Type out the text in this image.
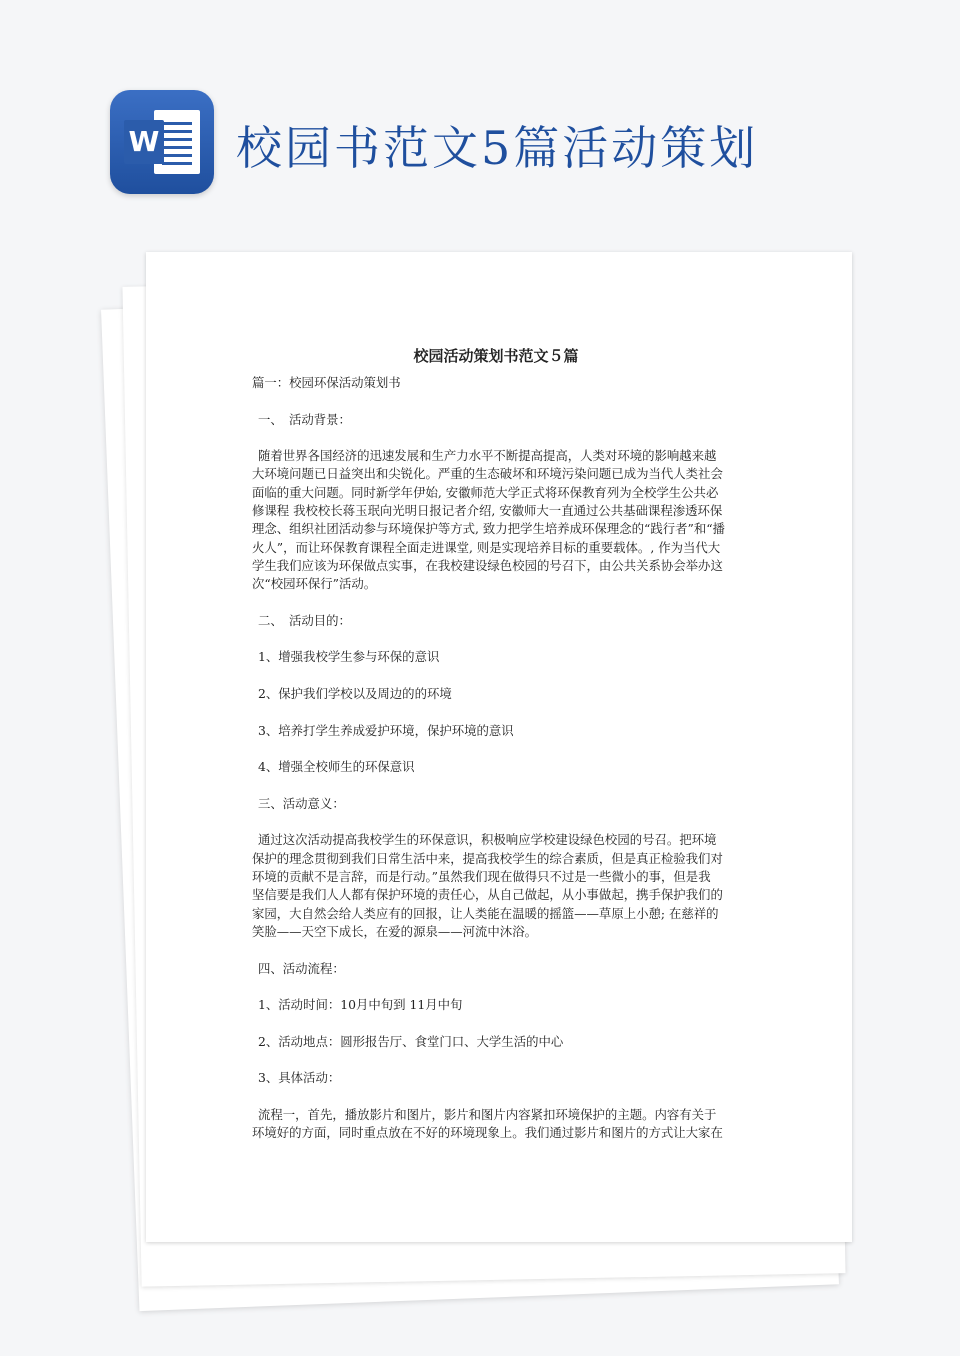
W 校园书范文5篇活动策划

校园活动策划书范文５篇

篇一：校园环保活动策划书

一、　活动背景：

随着世界各国经济的迅速发展和生产力水平不断提高提高，人类对环境的影响越来越

大环境问题已日益突出和尖锐化。严重的生态破坏和环境污染问题已成为当代人类社会

面临的重大问题。同时新学年伊始, 安徽师范大学正式将环保教育列为全校学生公共必

修课程 我校校长蒋玉珉向光明日报记者介绍, 安徽师大一直通过公共基础课程渗透环保

理念、组织社团活动参与环境保护等方式, 致力把学生培养成环保理念的“践行者”和“播

火人”，而让环保教育课程全面走进课堂, 则是实现培养目标的重要载体。, 作为当代大

学生我们应该为环保做点实事，在我校建设绿色校园的号召下，由公共关系协会举办这

次“校园环保行”活动。

二、　活动目的：

1、增强我校学生参与环保的意识

2、保护我们学校以及周边的的环境

3、培养打学生养成爱护环境，保护环境的意识

4、增强全校师生的环保意识

三、活动意义：

通过这次活动提高我校学生的环保意识，积极响应学校建设绿色校园的号召。把环境

保护的理念贯彻到我们日常生活中来，提高我校学生的综合素质，但是真正检验我们对

环境的贡献不是言辞，而是行动。”虽然我们现在做得只不过是一些微小的事，但是我

坚信要是我们人人都有保护环境的责任心，从自己做起，从小事做起，携手保护我们的

家园，大自然会给人类应有的回报，让人类能在温暖的摇篮——草原上小憩; 在慈祥的

笑脸——天空下成长，在爱的源泉——河流中沐浴。

四、活动流程：

1、活动时间：10月中旬到 11月中旬

2、活动地点：圆形报告厅、食堂门口、大学生活的中心

3、具体活动：

流程一，首先，播放影片和图片，影片和图片内容紧扣环境保护的主题。内容有关于

环境好的方面，同时重点放在不好的环境现象上。我们通过影片和图片的方式让大家在
